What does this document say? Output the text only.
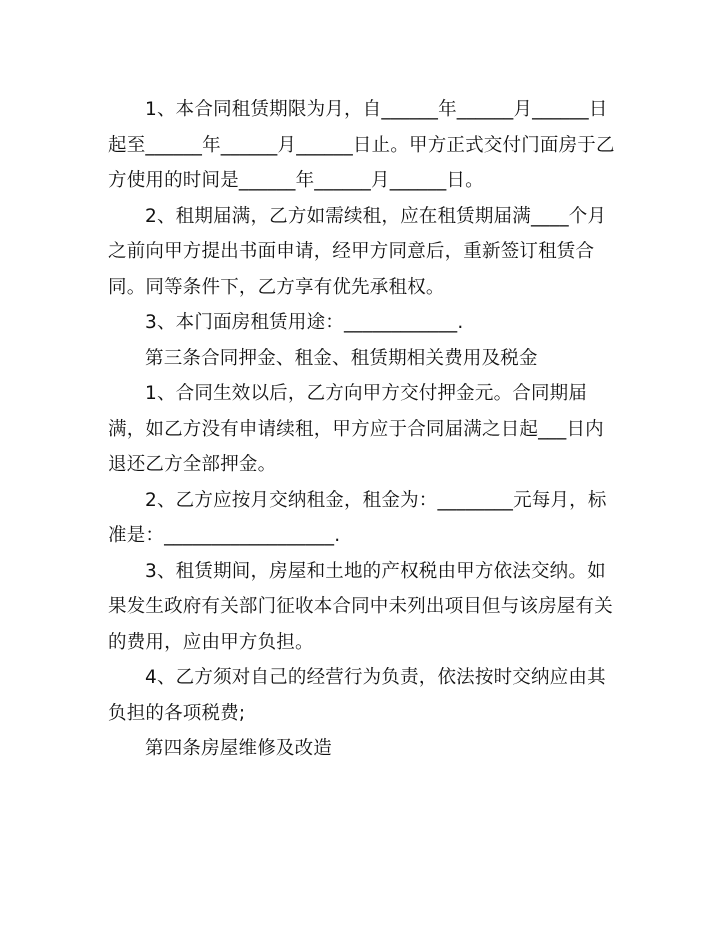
1、本合同租赁期限为月，自______年______月______日起至______年______月______日止。甲方正式交付门面房于乙方使用的时间是______年______月______日。

2、租期届满，乙方如需续租，应在租赁期届满____个月之前向甲方提出书面申请，经甲方同意后，重新签订租赁合同。同等条件下，乙方享有优先承租权。

3、本门面房租赁用途：____________.

第三条合同押金、租金、租赁期相关费用及税金

1、合同生效以后，乙方向甲方交付押金元。合同期届满，如乙方没有申请续租，甲方应于合同届满之日起___日内退还乙方全部押金。

2、乙方应按月交纳租金，租金为：________元每月，标准是：__________________.

3、租赁期间，房屋和土地的产权税由甲方依法交纳。如果发生政府有关部门征收本合同中未列出项目但与该房屋有关的费用，应由甲方负担。

4、乙方须对自己的经营行为负责，依法按时交纳应由其负担的各项税费;

第四条房屋维修及改造
